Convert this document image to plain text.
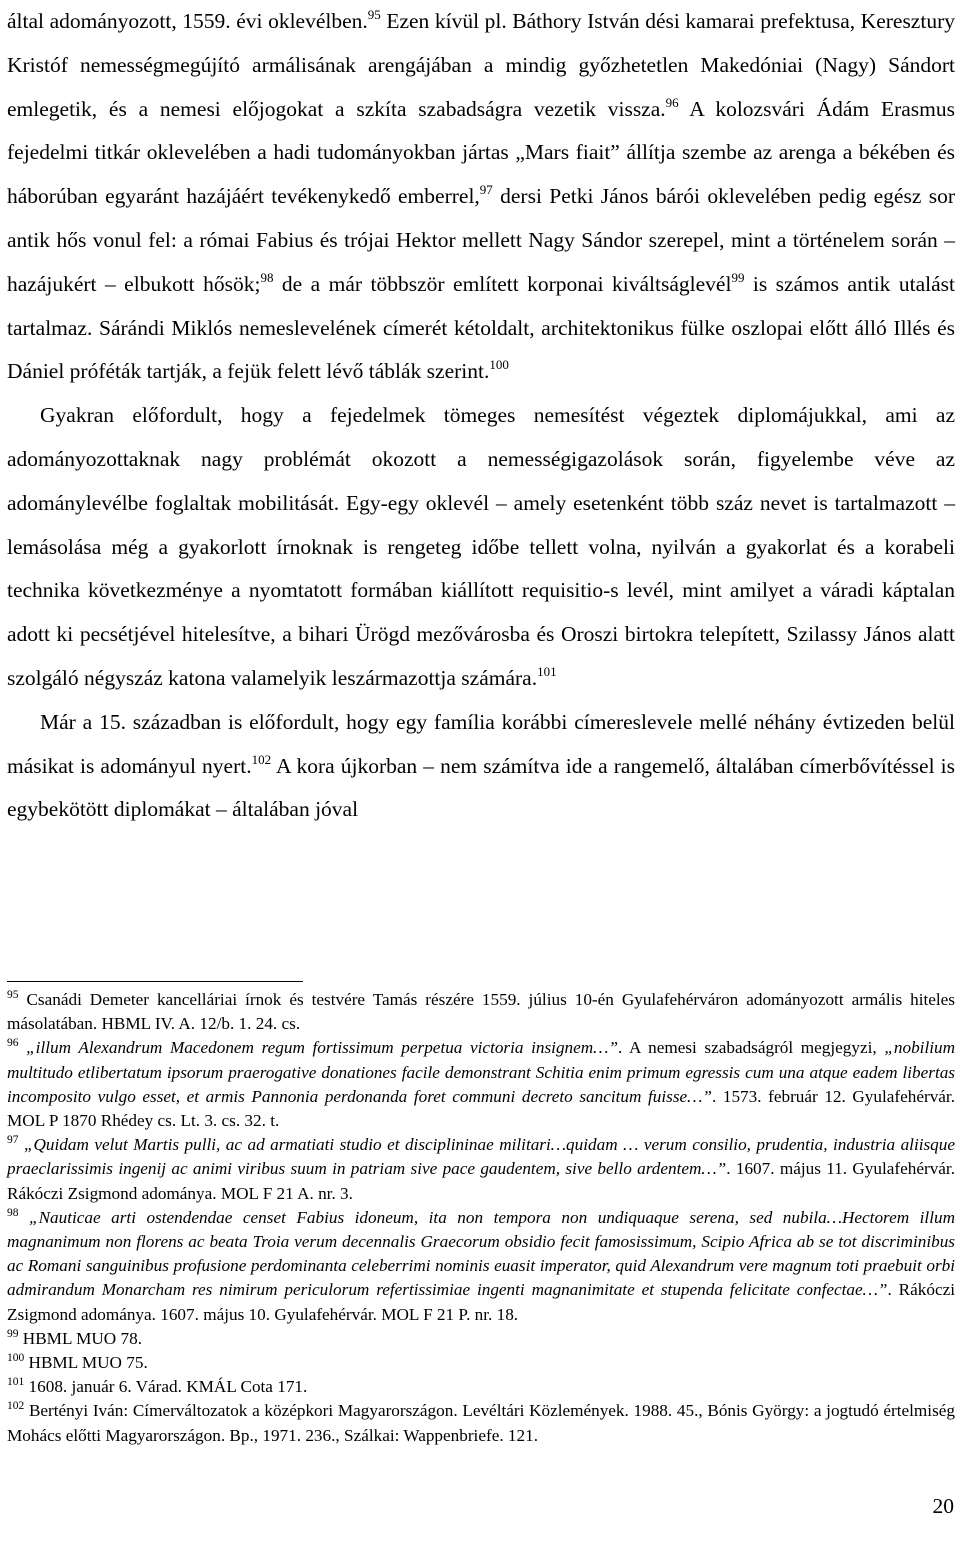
által adományozott, 1559. évi oklevélben.$^{95}$ Ezen kívül pl. Báthory István dési kamarai prefektusa, Keresztury Kristóf nemességmegújító armálisának arengájában a mindig győzhetetlen Makedóniai (Nagy) Sándort emlegetik, és a nemesi előjogokat a szkíta szabadságra vezetik vissza.$^{96}$ A kolozsvári Ádám Erasmus fejedelmi titkár oklevelében a hadi tudományokban jártas „Mars fiait” állítja szembe az arenga a békében és háborúban egyaránt hazájáért tevékenykedő emberrel,$^{97}$ dersi Petki János bárói oklevelében pedig egész sor antik hős vonul fel: a római Fabius és trójai Hektor mellett Nagy Sándor szerepel, mint a történelem során – hazájukért – elbukott hősök;$^{98}$ de a már többször említett korponai kiváltságlevél$^{99}$ is számos antik utalást tartalmaz. Sárándi Miklós nemeslevelének címerét kétoldalt, architektonikus fülke oszlopai előtt álló Illés és Dániel próféták tartják, a fejük felett lévő táblák szerint.$^{100}$

Gyakran előfordult, hogy a fejedelmek tömeges nemesítést végeztek diplomájukkal, ami az adományozottaknak nagy problémát okozott a nemességigazolások során, figyelembe véve az adománylevélbe foglaltak mobilitását. Egy-egy oklevél – amely esetenként több száz nevet is tartalmazott – lemásolása még a gyakorlott írnoknak is rengeteg időbe tellett volna, nyilván a gyakorlat és a korabeli technika következménye a nyomtatott formában kiállított requisitio-s levél, mint amilyet a váradi káptalan adott ki pecsétjével hitelesítve, a bihari Ürögd mezővárosba és Oroszi birtokra telepített, Szilassy János alatt szolgáló négyszáz katona valamelyik leszármazottja számára.$^{101}$

Már a 15. században is előfordult, hogy egy família korábbi címereslevele mellé néhány évtizeden belül másikat is adományul nyert.$^{102}$ A kora újkorban – nem számítva ide a rangemelő, általában címerbővítéssel is egybekötött diplomákat – általában jóval

$^{95}$ Csanádi Demeter kancelláriai írnok és testvére Tamás részére 1559. július 10-én Gyulafehérváron adományozott armális hiteles másolatában. HBML IV. A. 12/b. 1. 24. cs.

$^{96}$ „illum Alexandrum Macedonem regum fortissimum perpetua victoria insignem…”. A nemesi szabadságról megjegyzi, „nobilium multitudo etlibertatum ipsorum praerogative donationes facile demonstrant Schitia enim primum egressis cum una atque eadem libertas incomposito vulgo esset, et armis Pannonia perdonanda foret communi decreto sancitum fuisse…”. 1573. február 12. Gyulafehérvár. MOL P 1870 Rhédey cs. Lt. 3. cs. 32. t.

$^{97}$ „Quidam velut Martis pulli, ac ad armatiati studio et disciplininae militari…quidam … verum consilio, prudentia, industria aliisque praeclarissimis ingenij ac animi viribus suum in patriam sive pace gaudentem, sive bello ardentem…”. 1607. május 11. Gyulafehérvár. Rákóczi Zsigmond adománya. MOL F 21 A. nr. 3.

$^{98}$ „Nauticae arti ostendendae censet Fabius idoneum, ita non tempora non undiquaque serena, sed nubila…Hectorem illum magnanimum non florens ac beata Troia verum decennalis Graecorum obsidio fecit famosissimum, Scipio Africa ab se tot discriminibus ac Romani sanguinibus profusione perdominanta celeberrimi nominis euasit imperator, quid Alexandrum vere magnum toti praebuit orbi admirandum Monarcham res nimirum periculorum refertissimiae ingenti magnanimitate et stupenda felicitate confectae…”. Rákóczi Zsigmond adománya. 1607. május 10. Gyulafehérvár. MOL F 21 P. nr. 18.

$^{99}$ HBML MUO 78.

$^{100}$ HBML MUO 75.

$^{101}$ 1608. január 6. Várad. KMÁL Cota 171.

$^{102}$ Bertényi Iván: Címerváltozatok a középkori Magyarországon. Levéltári Közlemények. 1988. 45., Bónis György: a jogtudó értelmiség Mohács előtti Magyarországon. Bp., 1971. 236., Szálkai: Wappenbriefe. 121.

20
